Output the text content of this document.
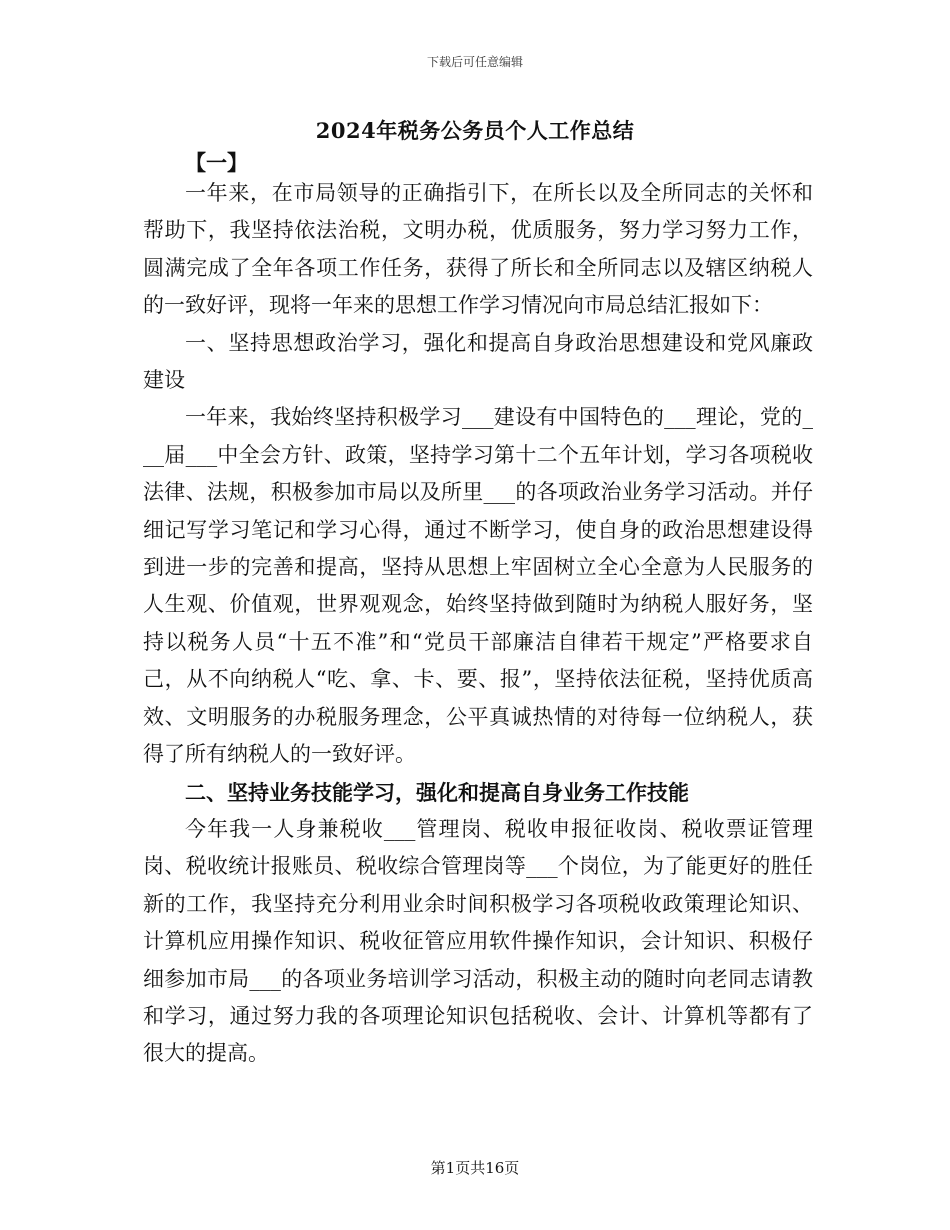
下载后可任意编辑
2024年税务公务员个人工作总结
【一】

一年来，在市局领导的正确指引下，在所长以及全所同志的关怀和帮助下，我坚持依法治税，文明办税，优质服务，努力学习努力工作，圆满完成了全年各项工作任务，获得了所长和全所同志以及辖区纳税人的一致好评，现将一年来的思想工作学习情况向市局总结汇报如下：

一、坚持思想政治学习，强化和提高自身政治思想建设和党风廉政建设

一年来，我始终坚持积极学习___建设有中国特色的___理论，党的___届___中全会方针、政策，坚持学习第十二个五年计划，学习各项税收法律、法规，积极参加市局以及所里___的各项政治业务学习活动。并仔细记写学习笔记和学习心得，通过不断学习，使自身的政治思想建设得到进一步的完善和提高，坚持从思想上牢固树立全心全意为人民服务的人生观、价值观，世界观观念，始终坚持做到随时为纳税人服好务，坚持以税务人员“十五不准”和“党员干部廉洁自律若干规定”严格要求自己，从不向纳税人“吃、拿、卡、要、报”，坚持依法征税，坚持优质高效、文明服务的办税服务理念，公平真诚热情的对待每一位纳税人，获得了所有纳税人的一致好评。

二、坚持业务技能学习，强化和提高自身业务工作技能

今年我一人身兼税收___管理岗、税收申报征收岗、税收票证管理岗、税收统计报账员、税收综合管理岗等___个岗位，为了能更好的胜任新的工作，我坚持充分利用业余时间积极学习各项税收政策理论知识、计算机应用操作知识、税收征管应用软件操作知识，会计知识、积极仔细参加市局___的各项业务培训学习活动，积极主动的随时向老同志请教和学习，通过努力我的各项理论知识包括税收、会计、计算机等都有了很大的提高。

第1页共16页
